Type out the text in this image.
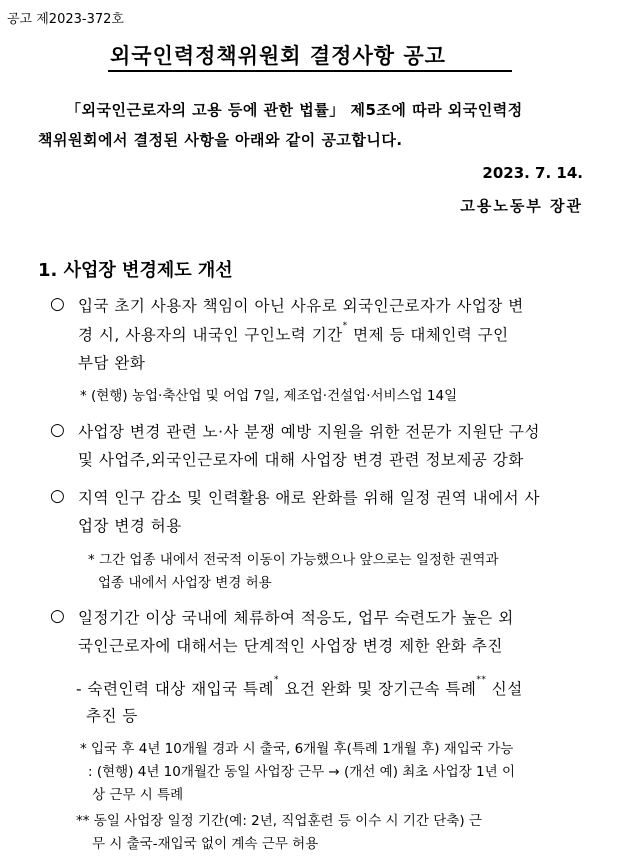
공고 제2023-372호
외국인력정책위원회 결정사항 공고
「외국인근로자의 고용 등에 관한 법률」 제5조에 따라 외국인력정
책위원회에서 결정된 사항을 아래와 같이 공고합니다.
2023. 7. 14.
고용노동부 장관
1. 사업장 변경제도 개선
○ 입국 초기 사용자 책임이 아닌 사유로 외국인근로자가 사업장 변
경 시, 사용자의 내국인 구인노력 기간* 면제 등 대체인력 구인
부담 완화
* (현행) 농업·축산업 및 어업 7일, 제조업·건설업·서비스업 14일
○ 사업장 변경 관련 노·사 분쟁 예방 지원을 위한 전문가 지원단 구성
및 사업주,외국인근로자에 대해 사업장 변경 관련 정보제공 강화
○ 지역 인구 감소 및 인력활용 애로 완화를 위해 일정 권역 내에서 사
업장 변경 허용
* 그간 업종 내에서 전국적 이동이 가능했으나 앞으로는 일정한 권역과
업종 내에서 사업장 변경 허용
○ 일정기간 이상 국내에 체류하여 적응도, 업무 숙련도가 높은 외
국인근로자에 대해서는 단계적인 사업장 변경 제한 완화 추진
- 숙련인력 대상 재입국 특례* 요건 완화 및 장기근속 특례** 신설
추진 등
* 입국 후 4년 10개월 경과 시 출국, 6개월 후(특례 1개월 후) 재입국 가능
: (현행) 4년 10개월간 동일 사업장 근무 → (개선 예) 최초 사업장 1년 이
상 근무 시 특례
** 동일 사업장 일정 기간(예: 2년, 직업훈련 등 이수 시 기간 단축) 근
무 시 출국-재입국 없이 계속 근무 허용
